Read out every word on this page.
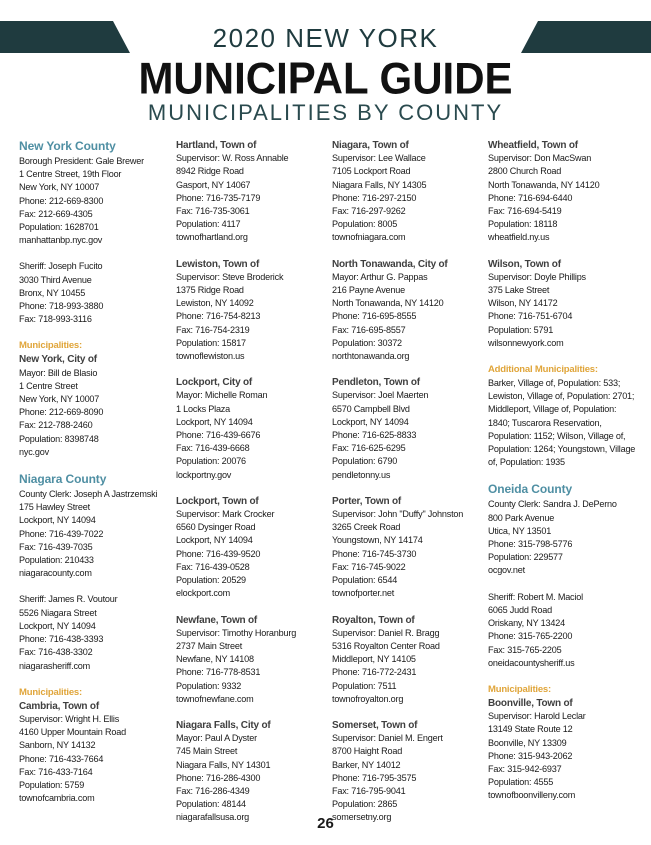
2020 NEW YORK
MUNICIPAL GUIDE
MUNICIPALITIES BY COUNTY
New York County
Borough President: Gale Brewer
1 Centre Street, 19th Floor
New York, NY 10007
Phone: 212-669-8300
Fax: 212-669-4305
Population: 1628701
manhattanbp.nyc.gov
Sheriff: Joseph Fucito
3030 Third Avenue
Bronx, NY 10455
Phone: 718-993-3880
Fax: 718-993-3116
Municipalities:
New York, City of
Mayor: Bill de Blasio
1 Centre Street
New York, NY 10007
Phone: 212-669-8090
Fax: 212-788-2460
Population: 8398748
nyc.gov
Niagara County
County Clerk: Joseph A Jastrzemski
175 Hawley Street
Lockport, NY 14094
Phone: 716-439-7022
Fax: 716-439-7035
Population: 210433
niagaracounty.com
Sheriff: James R. Voutour
5526 Niagara Street
Lockport, NY 14094
Phone: 716-438-3393
Fax: 716-438-3302
niagarasheriff.com
Municipalities:
Cambria, Town of
Supervisor: Wright H. Ellis
4160 Upper Mountain Road
Sanborn, NY 14132
Phone: 716-433-7664
Fax: 716-433-7164
Population: 5759
townofcambria.com
Hartland, Town of
Supervisor: W. Ross Annable
8942 Ridge Road
Gasport, NY 14067
Phone: 716-735-7179
Fax: 716-735-3061
Population: 4117
townofhartland.org
Lewiston, Town of
Supervisor: Steve Broderick
1375 Ridge Road
Lewiston, NY 14092
Phone: 716-754-8213
Fax: 716-754-2319
Population: 15817
townoflewiston.us
Lockport, City of
Mayor: Michelle Roman
1 Locks Plaza
Lockport, NY 14094
Phone: 716-439-6676
Fax: 716-439-6668
Population: 20076
lockportny.gov
Lockport, Town of
Supervisor: Mark Crocker
6560 Dysinger Road
Lockport, NY 14094
Phone: 716-439-9520
Fax: 716-439-0528
Population: 20529
elockport.com
Newfane, Town of
Supervisor: Timothy Horanburg
2737 Main Street
Newfane, NY 14108
Phone: 716-778-8531
Population: 9332
townofnewfane.com
Niagara Falls, City of
Mayor: Paul A Dyster
745 Main Street
Niagara Falls, NY 14301
Phone: 716-286-4300
Fax: 716-286-4349
Population: 48144
niagarafallsusa.org
Niagara, Town of
Supervisor: Lee Wallace
7105 Lockport Road
Niagara Falls, NY 14305
Phone: 716-297-2150
Fax: 716-297-9262
Population: 8005
townofniagara.com
North Tonawanda, City of
Mayor: Arthur G. Pappas
216 Payne Avenue
North Tonawanda, NY 14120
Phone: 716-695-8555
Fax: 716-695-8557
Population: 30372
northtonawanda.org
Pendleton, Town of
Supervisor: Joel Maerten
6570 Campbell Blvd
Lockport, NY 14094
Phone: 716-625-8833
Fax: 716-625-6295
Population: 6790
pendletonny.us
Porter, Town of
Supervisor: John "Duffy" Johnston
3265 Creek Road
Youngstown, NY 14174
Phone: 716-745-3730
Fax: 716-745-9022
Population: 6544
townofporter.net
Royalton, Town of
Supervisor: Daniel R. Bragg
5316 Royalton Center Road
Middleport, NY 14105
Phone: 716-772-2431
Population: 7511
townofroyalton.org
Somerset, Town of
Supervisor: Daniel M. Engert
8700 Haight Road
Barker, NY 14012
Phone: 716-795-3575
Fax: 716-795-9041
Population: 2865
somersetny.org
Wheatfield, Town of
Supervisor: Don MacSwan
2800 Church Road
North Tonawanda, NY 14120
Phone: 716-694-6440
Fax: 716-694-5419
Population: 18118
wheatfield.ny.us
Wilson, Town of
Supervisor: Doyle Phillips
375 Lake Street
Wilson, NY 14172
Phone: 716-751-6704
Population: 5791
wilsonnewyork.com
Additional Municipalities:
Barker, Village of, Population: 533; Lewiston, Village of, Population: 2701; Middleport, Village of, Population: 1840; Tuscarora Reservation, Population: 1152; Wilson, Village of, Population: 1264; Youngstown, Village of, Population: 1935
Oneida County
County Clerk: Sandra J. DePerno
800 Park Avenue
Utica, NY 13501
Phone: 315-798-5776
Population: 229577
ocgov.net
Sheriff: Robert M. Maciol
6065 Judd Road
Oriskany, NY 13424
Phone: 315-765-2200
Fax: 315-765-2205
oneidacountysheriff.us
Municipalities:
Boonville, Town of
Supervisor: Harold Leclar
13149 State Route 12
Boonville, NY 13309
Phone: 315-943-2062
Fax: 315-942-6937
Population: 4555
townofboonvilleny.com
26
